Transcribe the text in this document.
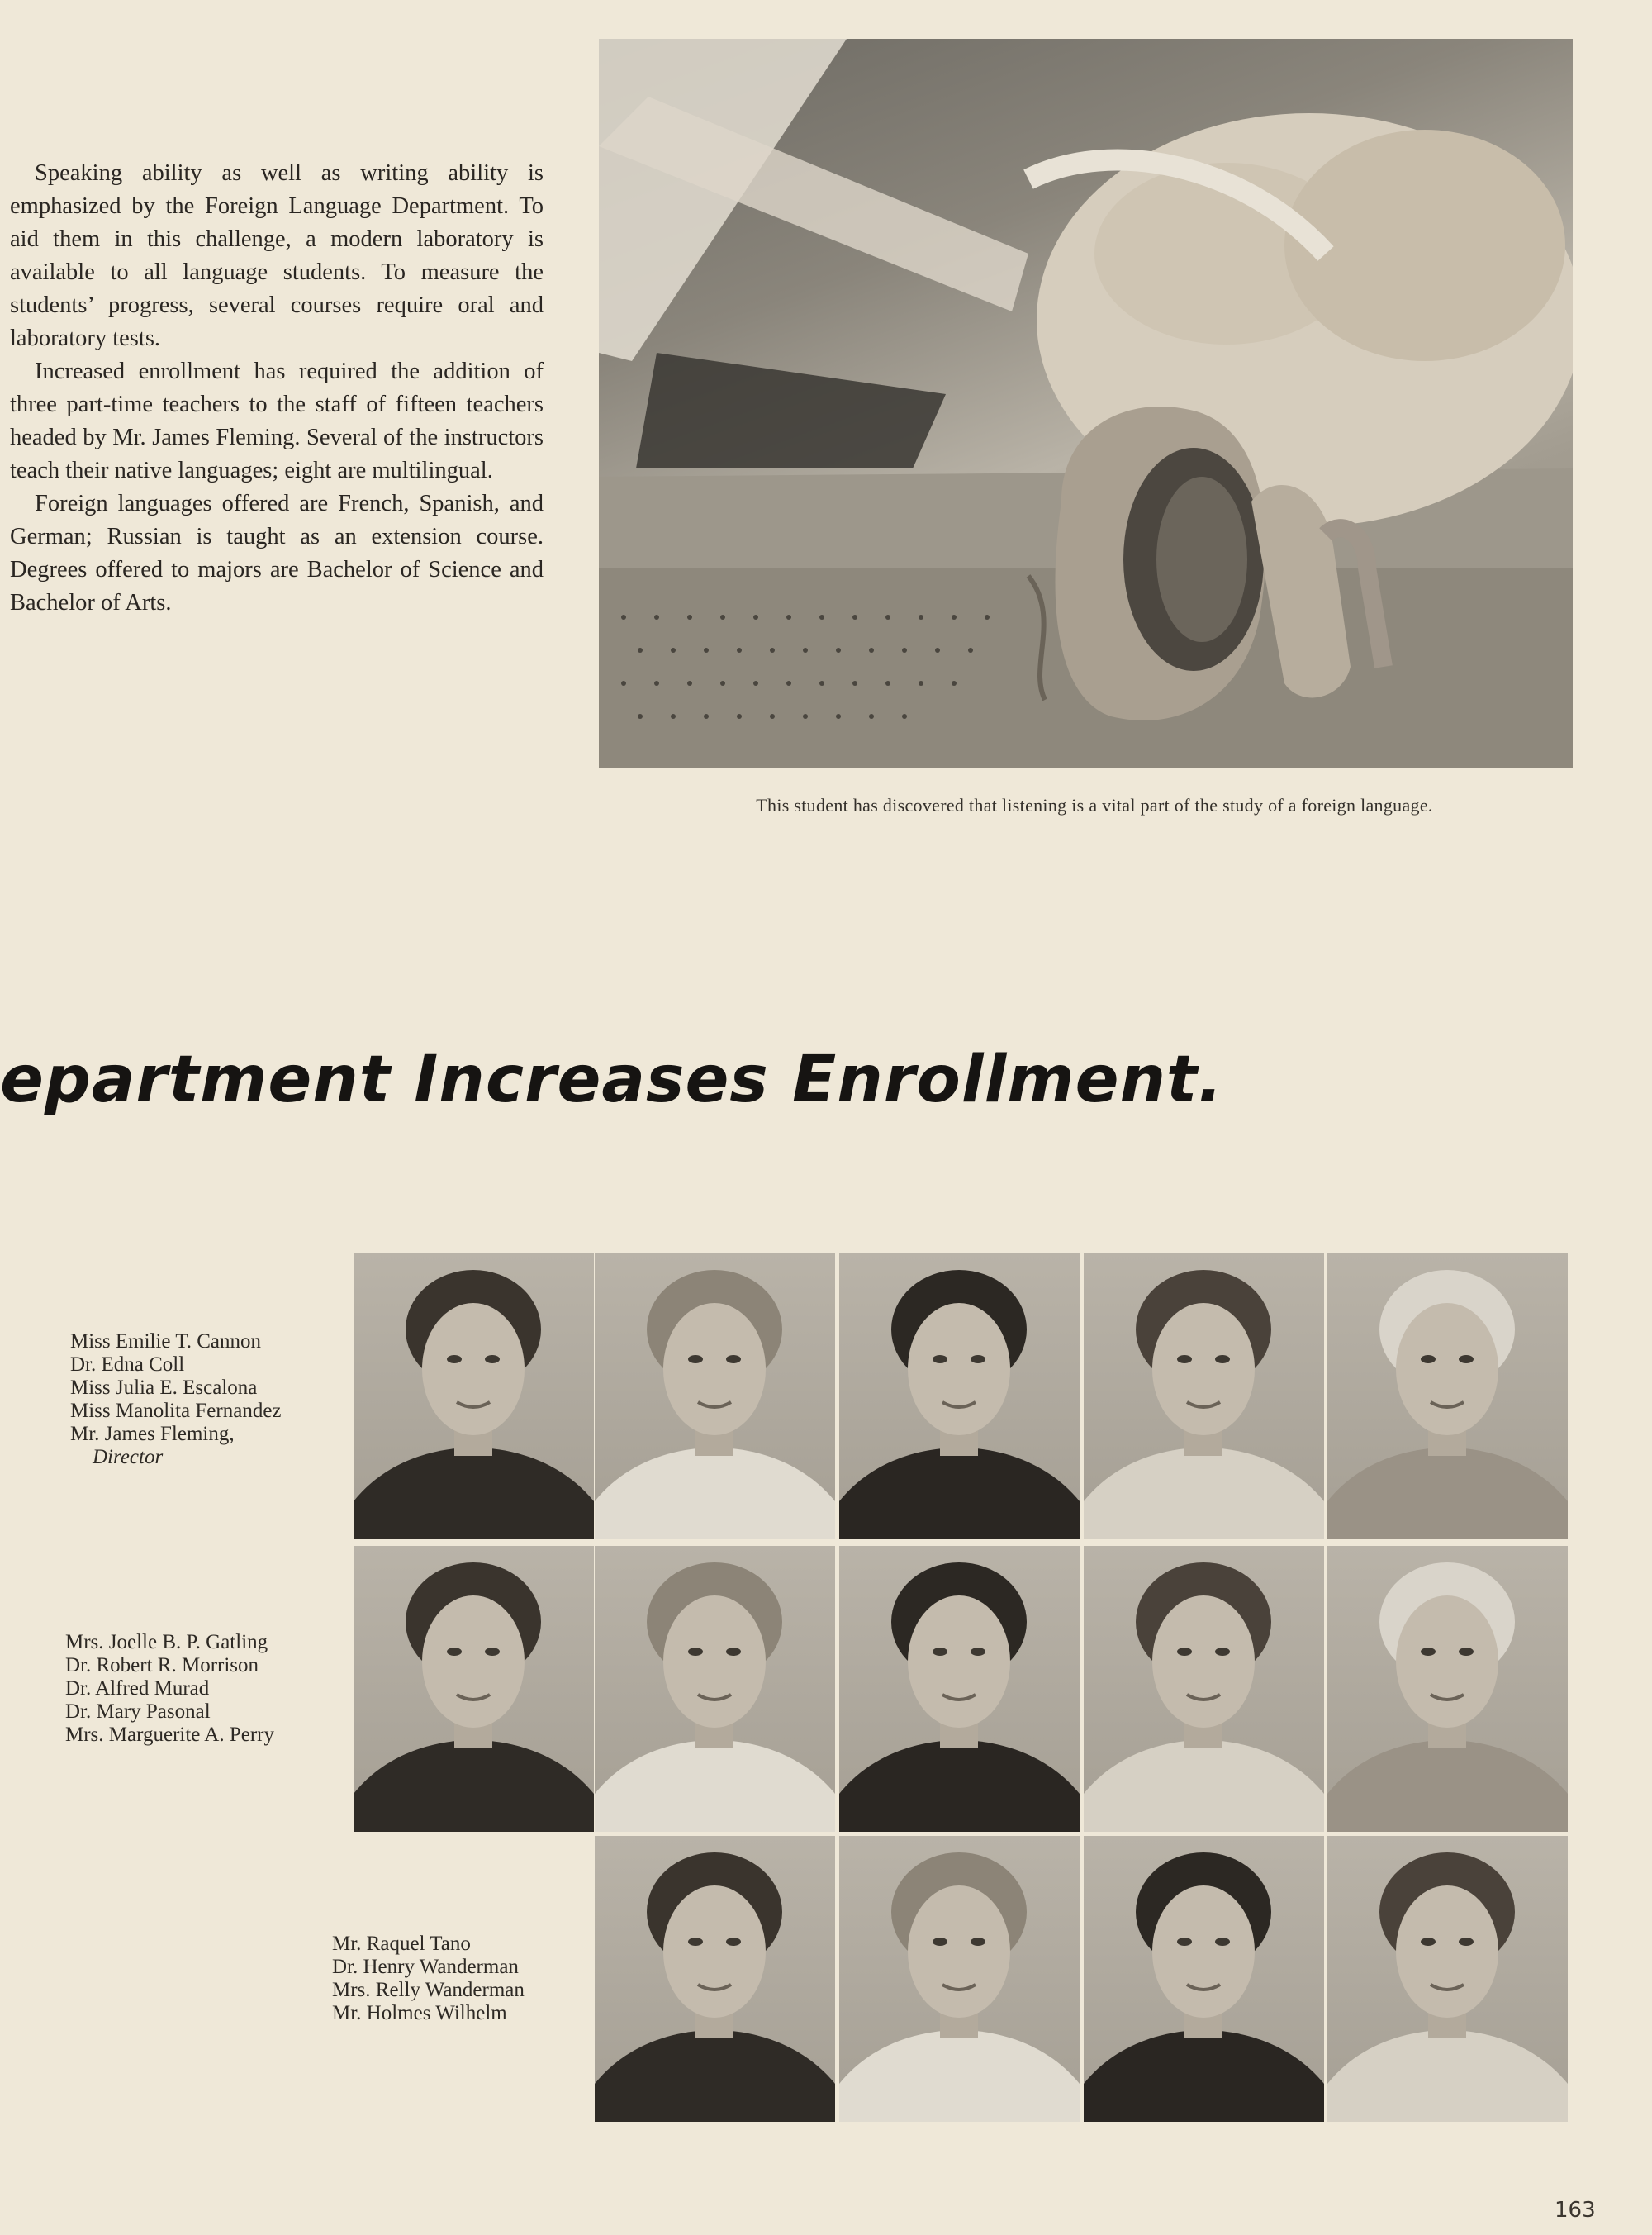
Speaking ability as well as writing ability is emphasized by the Foreign Language Department. To aid them in this challenge, a modern laboratory is available to all language students. To measure the students’ progress, several courses require oral and laboratory tests.

Increased enrollment has required the addition of three part-time teachers to the staff of fifteen teachers headed by Mr. James Fleming. Several of the instructors teach their native languages; eight are multilingual.

Foreign languages offered are French, Spanish, and German; Russian is taught as an extension course. Degrees offered to majors are Bachelor of Science and Bachelor of Arts.

This student has discovered that listening is a vital part of the study of a foreign language.
epartment Increases Enrollment.
Miss Emilie T. Cannon
Dr. Edna Coll
Miss Julia E. Escalona
Miss Manolita Fernandez
Mr. James Fleming,
Director
Mrs. Joelle B. P. Gatling
Dr. Robert R. Morrison
Dr. Alfred Murad
Dr. Mary Pasonal
Mrs. Marguerite A. Perry
Mr. Raquel Tano
Dr. Henry Wanderman
Mrs. Relly Wanderman
Mr. Holmes Wilhelm
163
